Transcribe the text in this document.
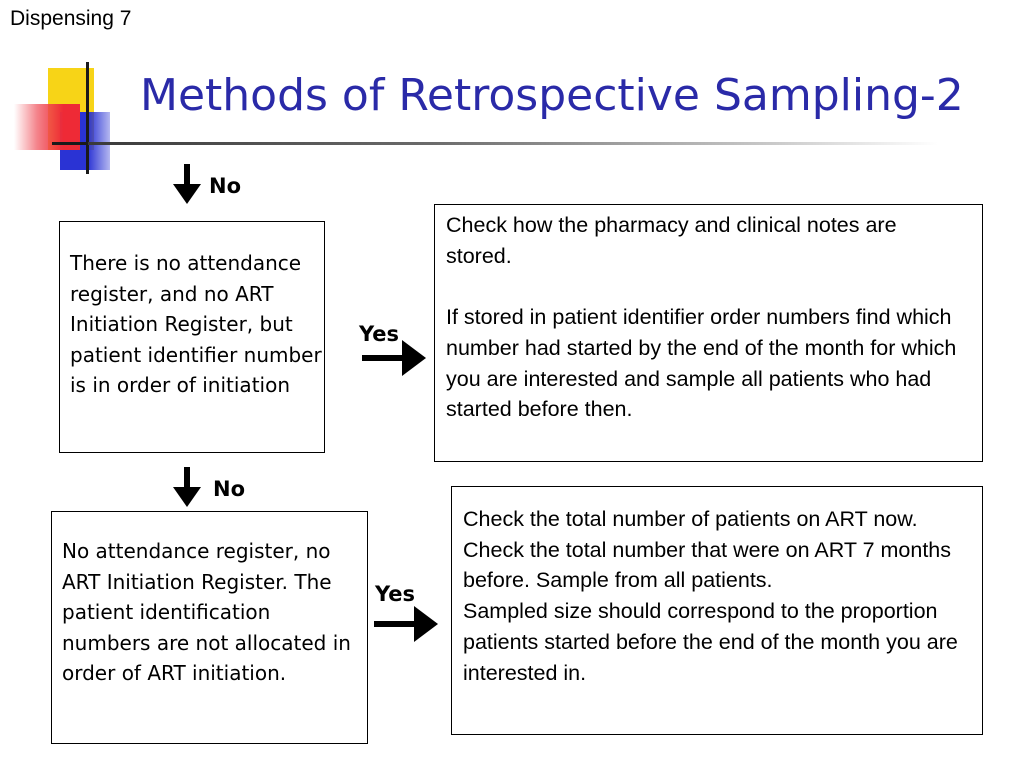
Dispensing 7
Methods of Retrospective Sampling-2
No

There is no attendance register, and no ART Initiation Register, but patient identifier number is in order of initiation

Yes

Check how the pharmacy and clinical notes are stored.

If stored in patient identifier order numbers find which number had started by the end of the month for which you are interested and sample all patients who had started before then.

No

No attendance register, no ART Initiation Register. The patient identification numbers are not allocated in order of ART initiation.

Yes

Check the total number of patients on ART now. Check the total number that were on ART 7 months before. Sample from all patients.

Sampled size should correspond to the proportion patients started before the end of the month you are interested in.
